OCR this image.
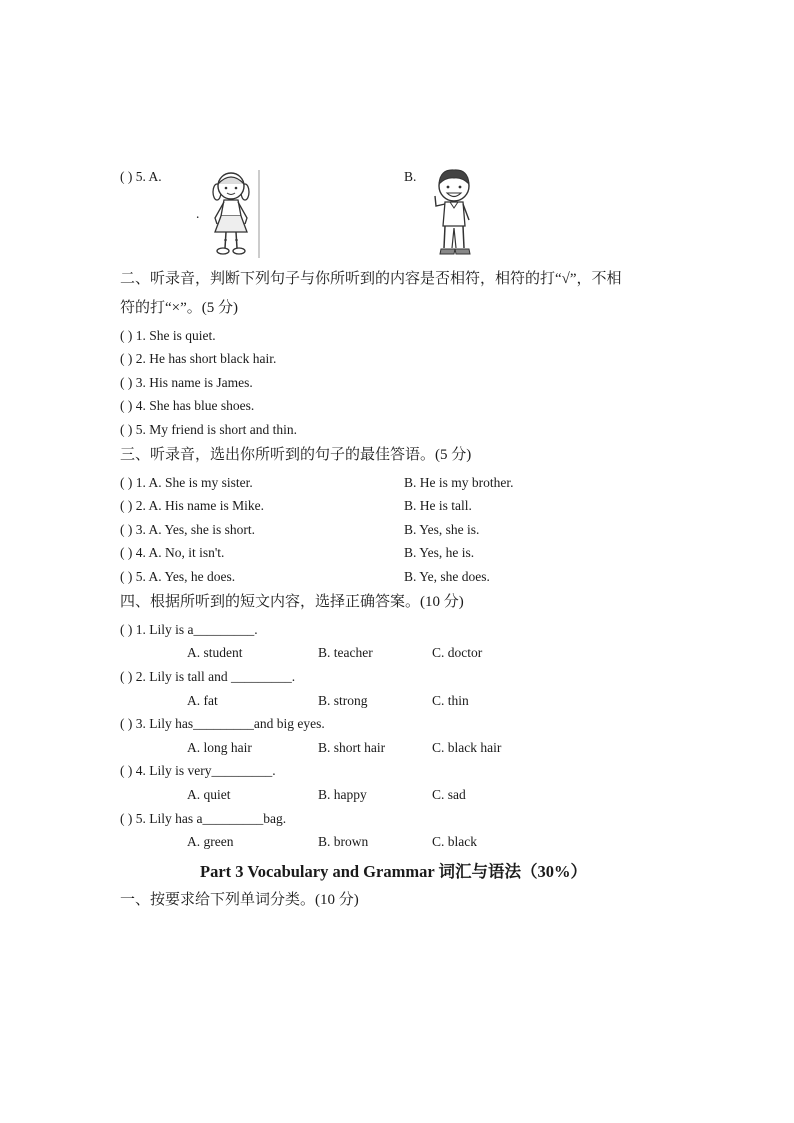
( ) 5. A.
.
B.
二、听录音，判断下列句子与你所听到的内容是否相符，相符的打“√”，不相
符的打“×”。(5 分)
( ) 1. She is quiet.
( ) 2. He has short black hair.
( ) 3. His name is James.
( ) 4. She has blue shoes.
( ) 5. My friend is short and thin.
三、听录音，选出你所听到的句子的最佳答语。(5 分)
( ) 1. A. She is my sister.	B. He is my brother.
( ) 2. A. His name is Mike.	B. He is tall.
( ) 3. A. Yes, she is short.	B. Yes, she is.
( ) 4. A. No, it isn't.	B. Yes, he is.
( ) 5. A. Yes, he does.	B. Ye, she does.
四、根据所听到的短文内容，选择正确答案。(10 分)
( ) 1. Lily is a_________.
A. student	B. teacher	C. doctor
( ) 2. Lily is tall and _________.
A. fat	B. strong	C. thin
( ) 3. Lily has_________and big eyes.
A. long hair	B. short hair	C. black hair
( ) 4. Lily is very_________.
A. quiet	B. happy	C. sad
( ) 5. Lily has a_________bag.
A. green	B. brown	C. black
Part 3 Vocabulary and Grammar 词汇与语法（30%）
一、按要求给下列单词分类。(10 分)
